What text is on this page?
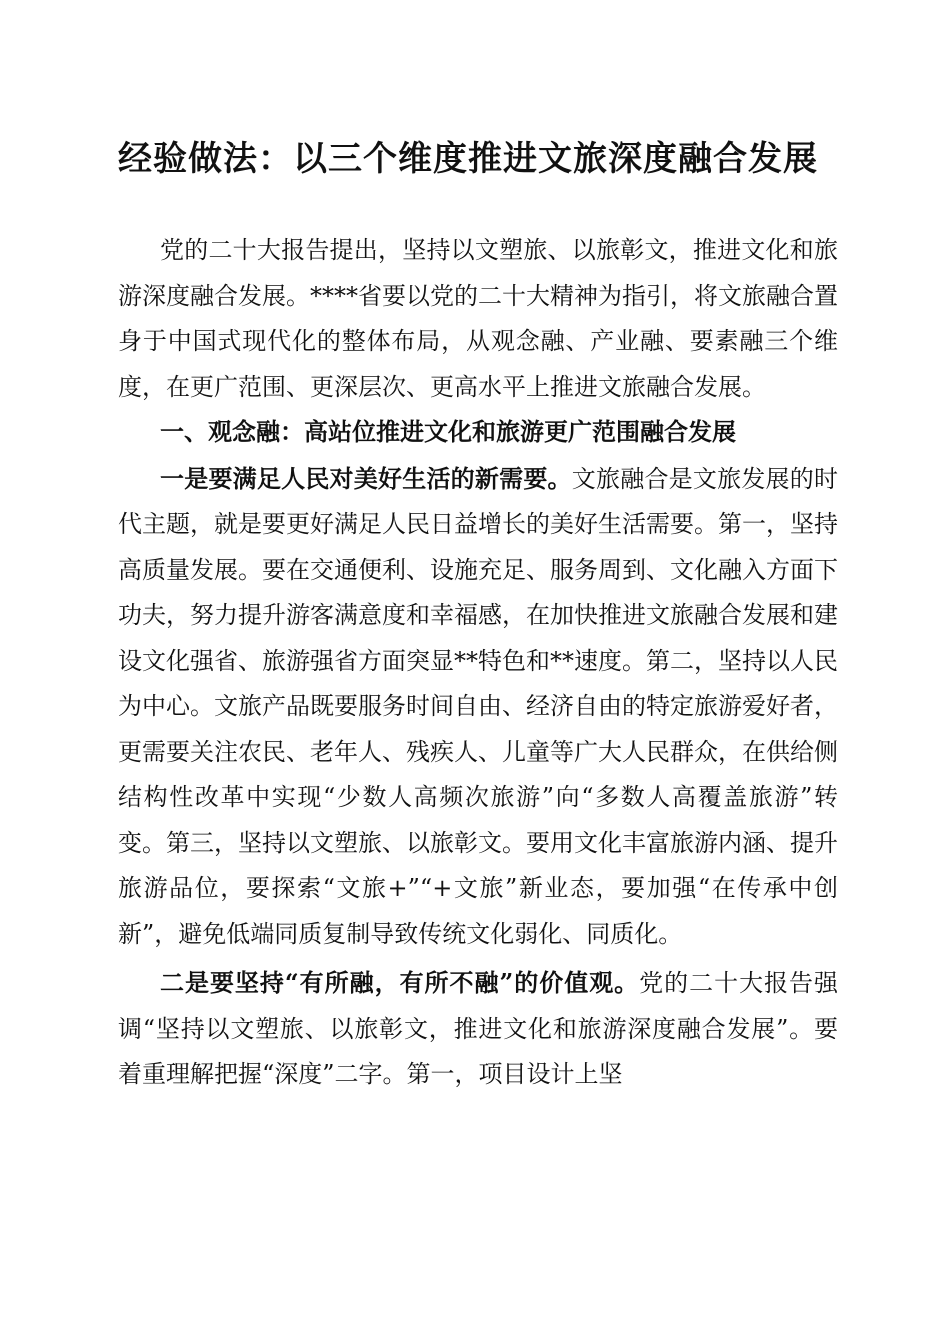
经验做法：以三个维度推进文旅深度融合发展

党的二十大报告提出，坚持以文塑旅、以旅彰文，推进文化和旅游深度融合发展。****省要以党的二十大精神为指引，将文旅融合置身于中国式现代化的整体布局，从观念融、产业融、要素融三个维度，在更广范围、更深层次、更高水平上推进文旅融合发展。

一、观念融：高站位推进文化和旅游更广范围融合发展

一是要满足人民对美好生活的新需要。文旅融合是文旅发展的时代主题，就是要更好满足人民日益增长的美好生活需要。第一，坚持高质量发展。要在交通便利、设施充足、服务周到、文化融入方面下功夫，努力提升游客满意度和幸福感，在加快推进文旅融合发展和建设文化强省、旅游强省方面突显**特色和**速度。第二，坚持以人民为中心。文旅产品既要服务时间自由、经济自由的特定旅游爱好者，更需要关注农民、老年人、残疾人、儿童等广大人民群众，在供给侧结构性改革中实现“少数人高频次旅游”向“多数人高覆盖旅游”转变。第三，坚持以文塑旅、以旅彰文。要用文化丰富旅游内涵、提升旅游品位，要探索“文旅+”“+文旅”新业态，要加强“在传承中创新”，避免低端同质复制导致传统文化弱化、同质化。

二是要坚持“有所融，有所不融”的价值观。党的二十大报告强调“坚持以文塑旅、以旅彰文，推进文化和旅游深度融合发展”。要着重理解把握“深度”二字。第一，项目设计上坚
